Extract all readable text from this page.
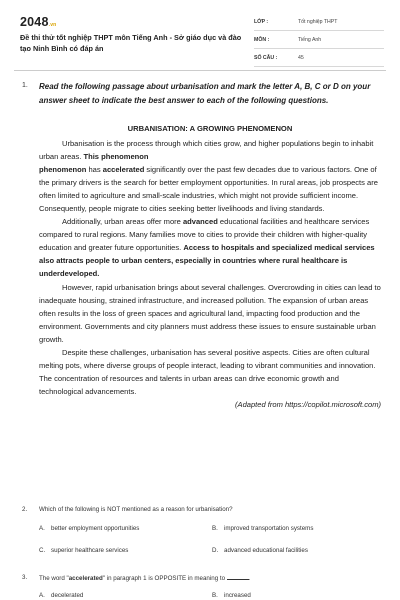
2048.vn
Đề thi thử tốt nghiệp THPT môn Tiếng Anh - Sở giáo dục và đào tạo Ninh Bình có đáp án
LỚP :	Tốt nghiệp THPT
MÔN :	Tiếng Anh
SỐ CÂU :	45
1. Read the following passage about urbanisation and mark the letter A, B, C or D on your answer sheet to indicate the best answer to each of the following questions.
URBANISATION: A GROWING PHENOMENON

Urbanisation is the process through which cities grow, and higher populations begin to inhabit urban areas. This phenomenon
phenomenon has accelerated significantly over the past few decades due to various factors. One of the primary drivers is the search for better employment opportunities. In rural areas, job prospects are often limited to agriculture and small-scale industries, which might not provide sufficient income. Consequently, people migrate to cities seeking better livelihoods and living standards.

Additionally, urban areas offer more advanced educational facilities and healthcare services compared to rural regions. Many families move to cities to provide their children with higher-quality education and greater future opportunities. Access to hospitals and specialized medical services also attracts people to urban centers, especially in countries where rural healthcare is underdeveloped.

However, rapid urbanisation brings about several challenges. Overcrowding in cities can lead to inadequate housing, strained infrastructure, and increased pollution. The expansion of urban areas often results in the loss of green spaces and agricultural land, impacting food production and the environment. Governments and city planners must address these issues to ensure sustainable urban growth.

Despite these challenges, urbanisation has several positive aspects. Cities are often cultural melting pots, where diverse groups of people interact, leading to vibrant communities and innovation. The concentration of resources and talents in urban areas can drive economic growth and technological advancements.

(Adapted from https://copilot.microsoft.com)
2. Which of the following is NOT mentioned as a reason for urbanisation?
A. better employment opportunities	B. improved transportation systems
C. superior healthcare services	D. advanced educational facilities
3. The word "accelerated" in paragraph 1 is OPPOSITE in meaning to	.
A. decelerated	B. increased
